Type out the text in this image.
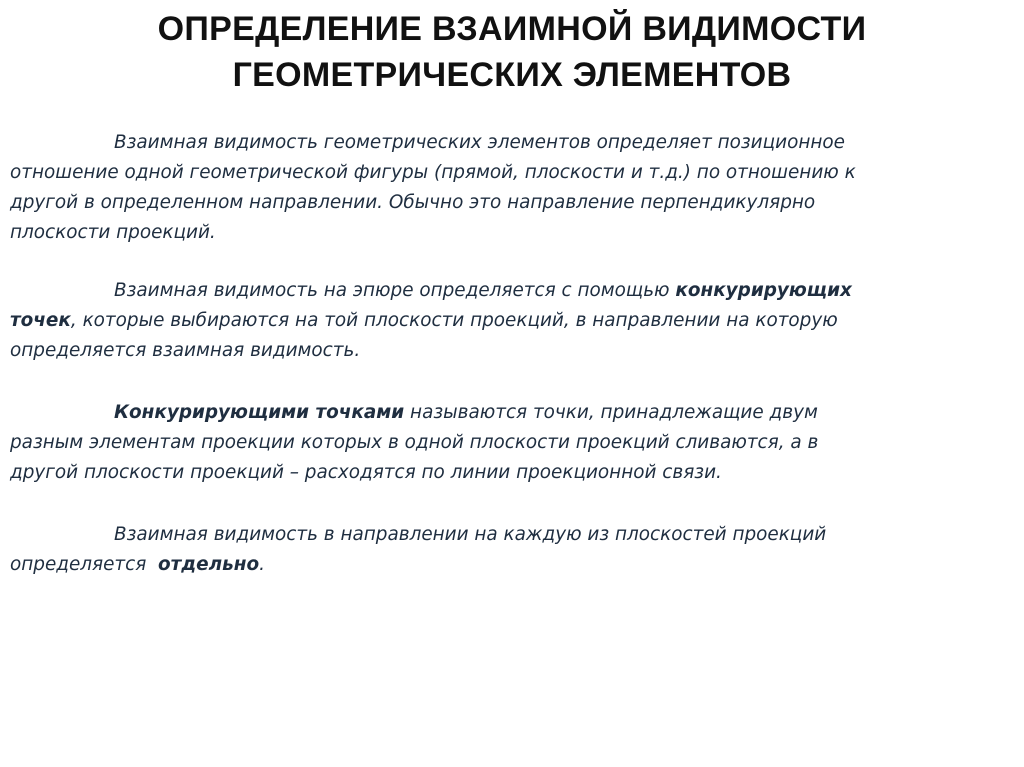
ОПРЕДЕЛЕНИЕ ВЗАИМНОЙ ВИДИМОСТИ
ГЕОМЕТРИЧЕСКИХ ЭЛЕМЕНТОВ

Взаимная видимость геометрических элементов определяет позиционное
отношение одной геометрической фигуры (прямой, плоскости и т.д.) по отношению к
другой в определенном направлении. Обычно это направление перпендикулярно
плоскости проекций.

Взаимная видимость на эпюре определяется с помощью конкурирующих
точек, которые выбираются на той плоскости проекций, в направлении на которую
определяется взаимная видимость.

Конкурирующими точками называются точки, принадлежащие двум
разным элементам проекции которых в одной плоскости проекций сливаются, а в
другой плоскости проекций – расходятся по линии проекционной связи.

Взаимная видимость в направлении на каждую из плоскостей проекций
определяется  отдельно.
